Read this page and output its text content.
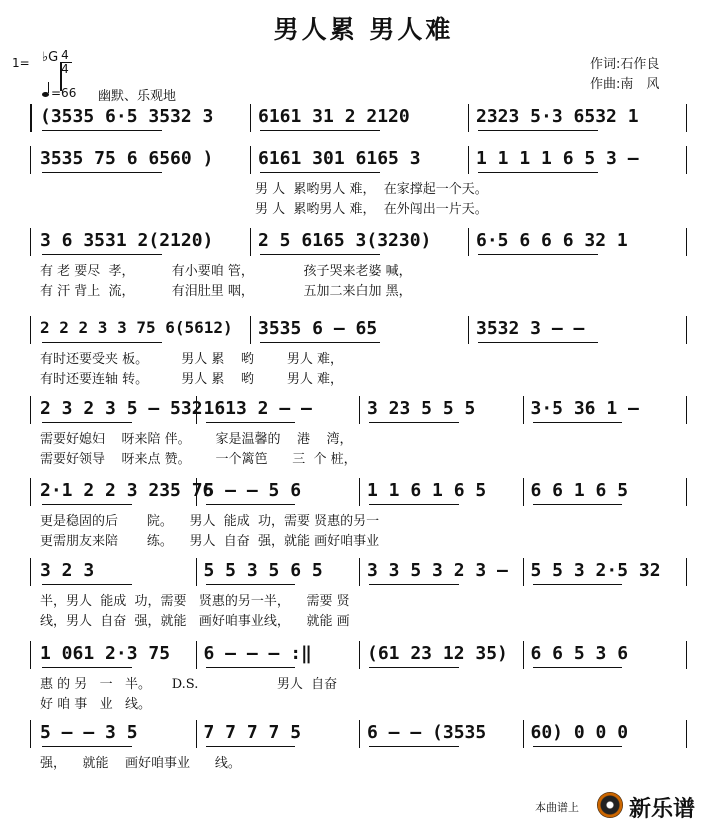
男人累 男人难
1= ♭G 4

4
=66 幽默、乐观地
作词:石作良
作曲:南　风
(3535 6·5 3532 3 6161 31 2 2120	2323 5·3 6532 1
3535 75 6 6560 ) 6161 301 6165 3	1 1 1 1 6 5 3 —
男 人  累哟男人 难，  在家撑起一个天。
男 人  累哟男人 难，  在外闯出一片天。
3 6 3531 2(2120) 2 5 6165 3(3230) 6·5 6 6 6 32 1
有 老 要尽  孝，         有小要咱 管，            孩子哭来老婆 喊，
有 汗 背上  流，         有泪肚里 咽，            五加二来白加 黑，
2 2 2 3 3 75 6(5612) 3535 6 — 65	3532 3 — —
有时还要受夹 板。        男人 累    哟        男人 难，
有时还要连轴 转。        男人 累    哟        男人 难，
2 3 2 3 5 — 532 1613 2 — —	3 23 5 5 5	3·5 36 1 —
需要好媳妇    呀来陪 伴。      家是温馨的    港    湾，
需要好领导    呀来点 赞。      一个篱笆      三  个 桩，
2·1 2 2 3 235 76
5 — — 5 6	1 1 6 1 6 5 6 6 1 6 5
更是稳固的后       院。    男人  能成  功，需要 贤惠的另一
更需朋友来陪       练。    男人  自奋  强，就能 画好咱事业
3 2 3	5 5 3 5 6 5 3 3 5 3 2 3 — 5 5 3 2·5 32
半，男人  能成  功，需要   贤惠的另一半，    需要 贤
线，男人  自奋  强，就能   画好咱事业线，    就能 画
1 061 2·3 75 6 — — — :‖	(61 23 12 35) 6 6 5 3 6
惠 的 另   一   半。     D.S.                   男人  自奋
好 咱 事   业   线。
5 — — 3 5	7 7 7 7 5	6 — — (3535 60) 0 0 0
强，    就能    画好咱事业      线。
本曲谱上 新乐谱
